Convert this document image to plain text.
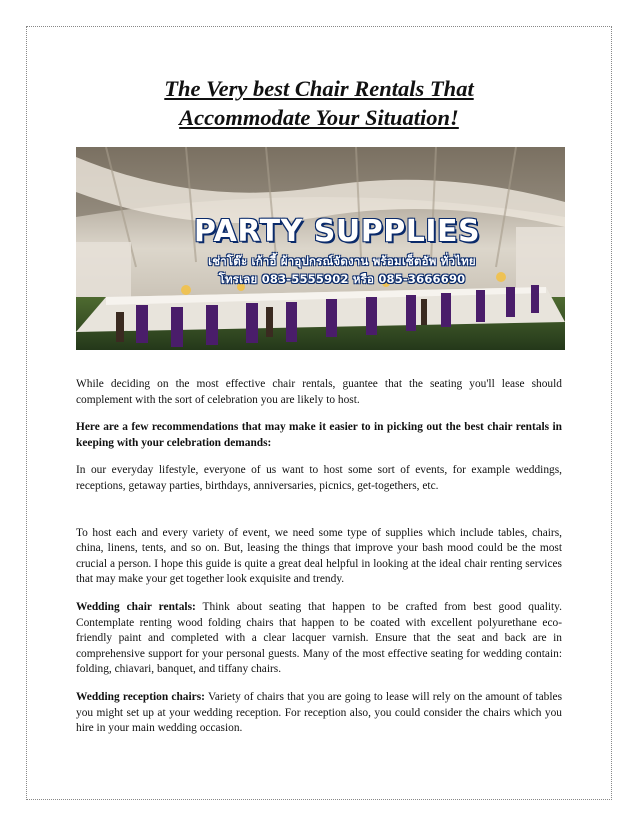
The Very best Chair Rentals That
Accommodate Your Situation!
PARTY SUPPLIES
เช่าโต๊ะ เก้าอี้ ผ้าอุปกรณ์จัดงาน พร้อมเซ็ตอัพ ทั่วไทย
โทรเลย 083-5555902 หรือ 085-3666690

While deciding on the most effective chair rentals, guantee that the seating you'll lease should complement with the sort of celebration you are likely to host.

Here are a few recommendations that may make it easier to in picking out the best chair rentals in keeping with your celebration demands:

In our everyday lifestyle, everyone of us want to host some sort of events, for example weddings, receptions, getaway parties, birthdays, anniversaries, picnics, get-togethers, etc.

To host each and every variety of event, we need some type of supplies which include tables, chairs, china, linens, tents, and so on. But, leasing the things that improve your bash mood could be the most crucial a person. I hope this guide is quite a great deal helpful in looking at the ideal chair renting services that may make your get together look exquisite and trendy.

Wedding chair rentals: Think about seating that happen to be crafted from best good quality. Contemplate renting wood folding chairs that happen to be coated with excellent polyurethane eco-friendly paint and completed with a clear lacquer varnish. Ensure that the seat and back are in comprehensive support for your personal guests. Many of the most effective seating for wedding contain: folding, chiavari, banquet, and tiffany chairs.

Wedding reception chairs: Variety of chairs that you are going to lease will rely on the amount of tables you might set up at your wedding reception. For reception also, you could consider the chairs which you hire in your main wedding occasion.
